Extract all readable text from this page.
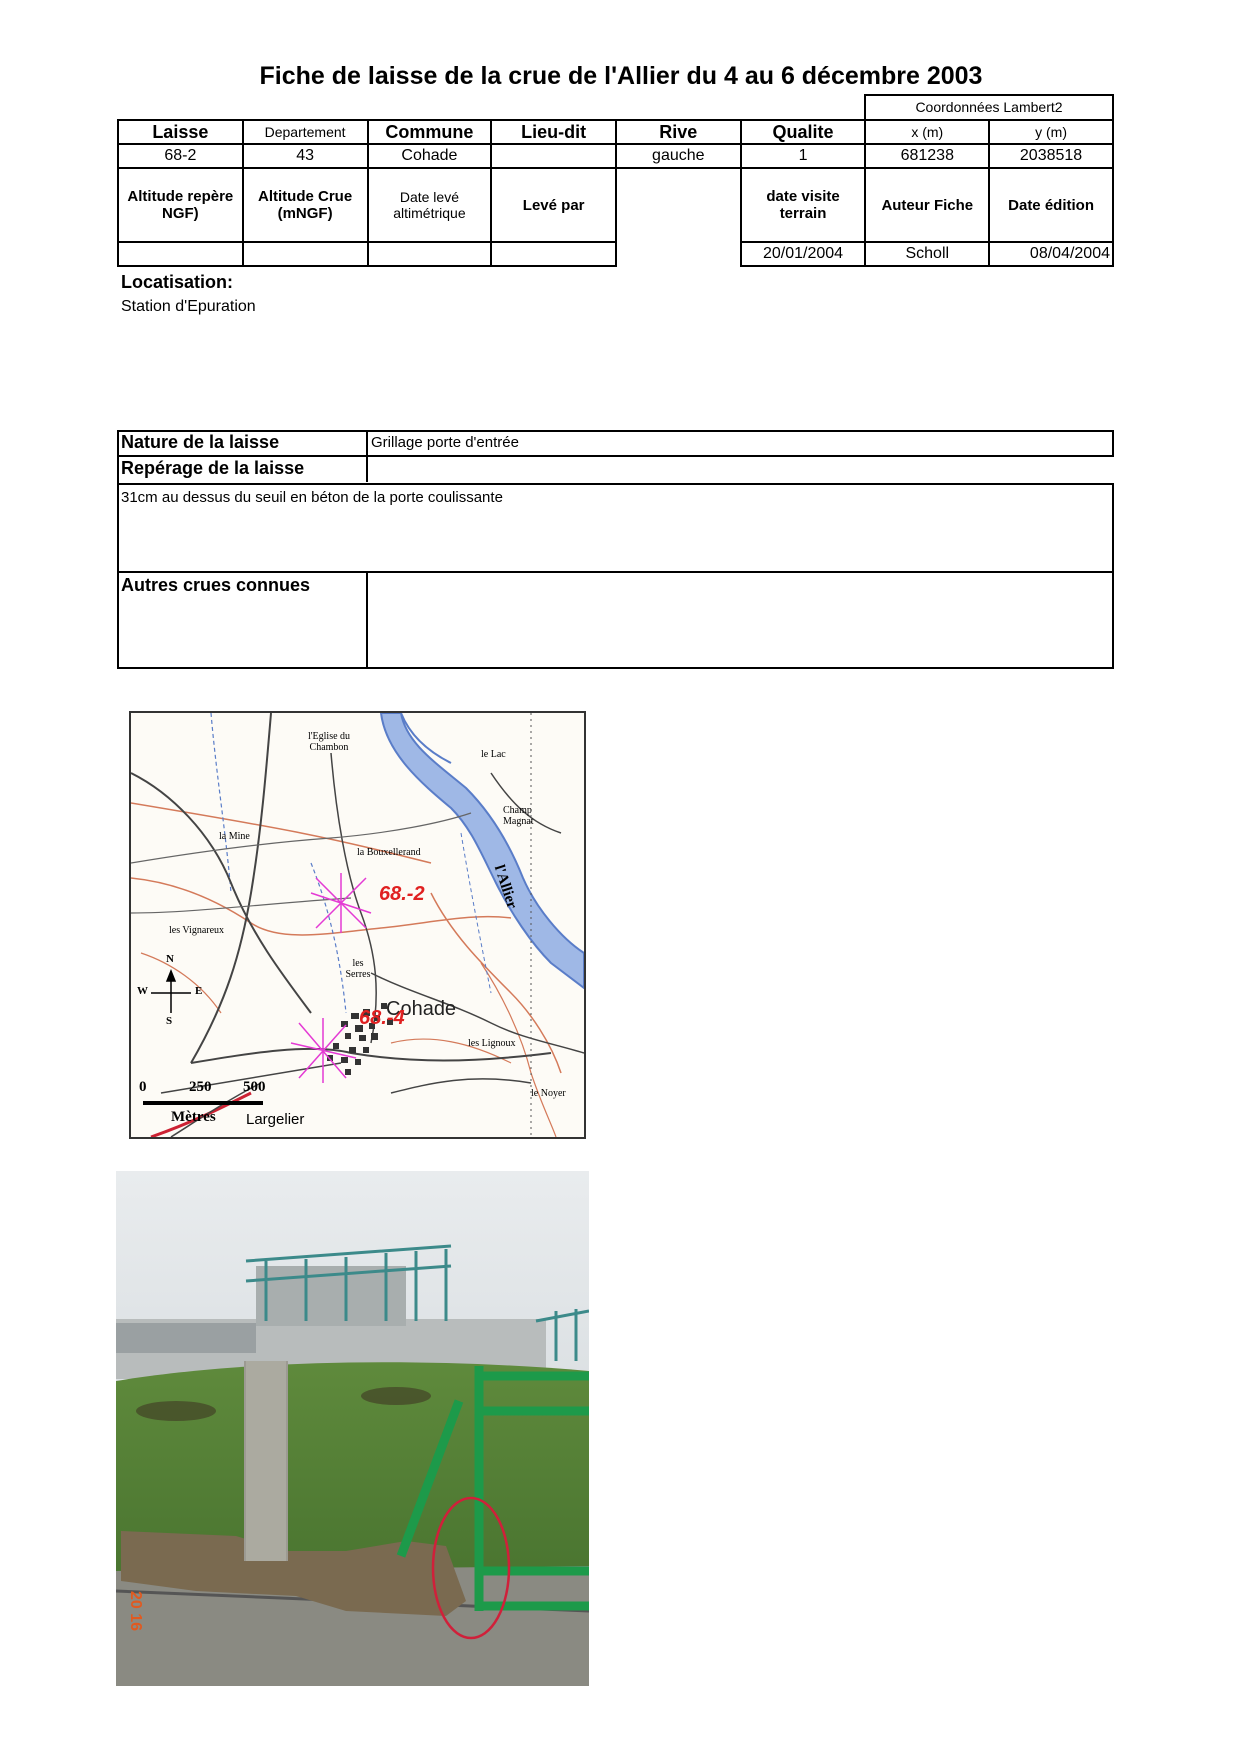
Fiche de laisse de la crue de l'Allier du 4 au 6 décembre 2003
Coordonnées Lambert2
Laisse	Departement	Commune	Lieu-dit	Rive	Qualite	x (m)	y (m)
68-2	43	Cohade		gauche	1	681238	2038518
Altitude repère NGF)	Altitude Crue (mNGF)	Date levé altimétrique	Levé par		date visite terrain	Auteur Fiche	Date édition
					20/01/2004	Scholl	08/04/2004
Locatisation:
Station d'Epuration
Nature de la laisse	Grillage porte d'entrée
Repérage de la laisse
31cm au dessus du seuil en béton de la porte coulissante
Autres crues connues
l'Eglise du Chambon
le Lac
Champ Magnat
l'Allier
la Bouxellerand
la Mine
les Vignareux
les Serres
Cohade
les Lignoux
le Noyer
Largelier
68.-2
68.-4
N
S
W	E
0	250 500
Mètres
20 16
